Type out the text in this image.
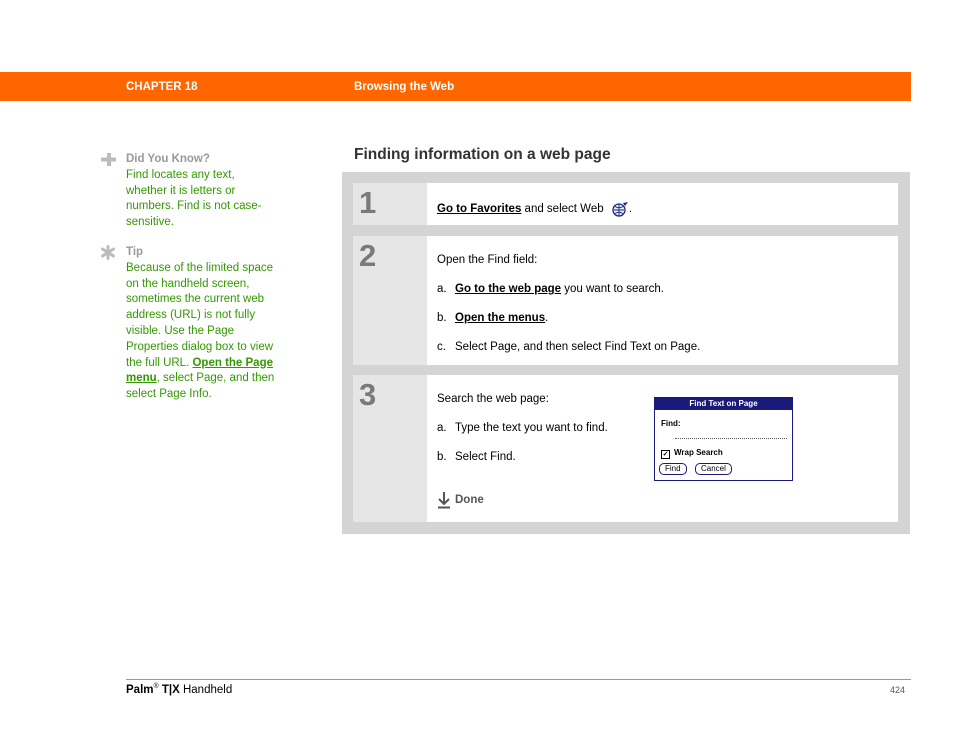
CHAPTER 18	Browsing the Web
Did You Know?
Find locates any text, whether it is letters or numbers. Find is not case-sensitive.
Tip
Because of the limited space on the handheld screen, sometimes the current web address (URL) is not fully visible. Use the Page Properties dialog box to view the full URL. Open the Page menu, select Page, and then select Page Info.
Finding information on a web page
1	Go to Favorites and select Web .
2	Open the Find field:
a. Go to the web page you want to search.
b. Open the menus.
c. Select Page, and then select Find Text on Page.
3	Search the web page:
a. Type the text you want to find.
b. Select Find.
Done
Find Text on Page
Find:
✓ Wrap Search
Find	Cancel
Palm® T|X Handheld	424
